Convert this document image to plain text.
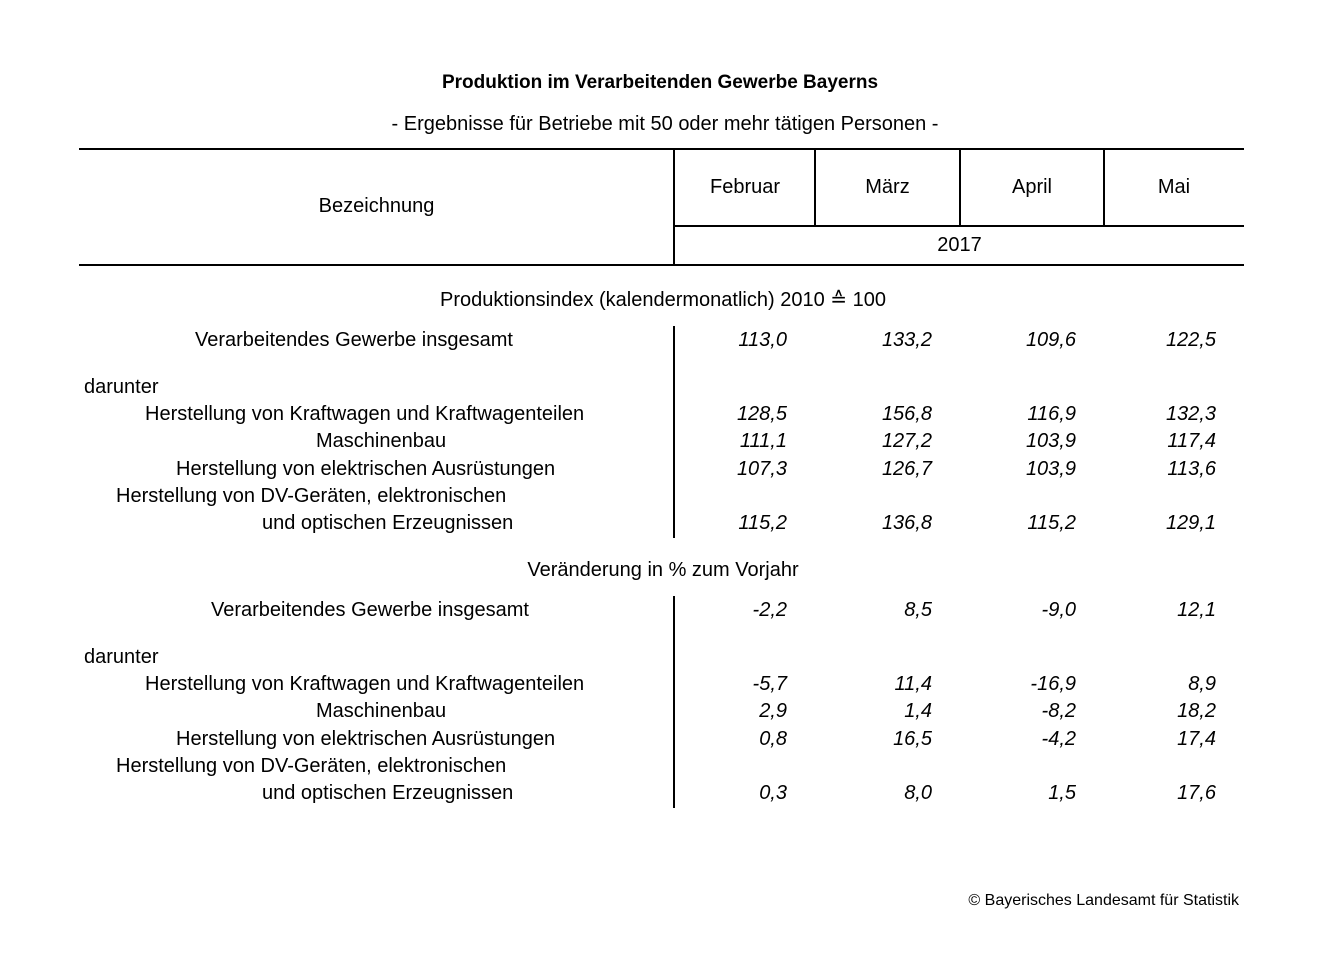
Produktion im Verarbeitenden Gewerbe Bayerns
- Ergebnisse für Betriebe mit 50 oder mehr tätigen Personen -
Bezeichnung
Februar	März	April	Mai
2017
Produktionsindex (kalendermonatlich) 2010 ≙ 100
Verarbeitendes Gewerbe insgesamt	113,0	133,2	109,6	122,5
darunter
Herstellung von Kraftwagen und Kraftwagenteilen	128,5	156,8	116,9	132,3
Maschinenbau	111,1	127,2	103,9	117,4
Herstellung von elektrischen Ausrüstungen	107,3	126,7	103,9	113,6
Herstellung von DV-Geräten, elektronischen
und optischen Erzeugnissen	115,2	136,8	115,2	129,1
Veränderung in % zum Vorjahr
Verarbeitendes Gewerbe insgesamt	-2,2	8,5	-9,0	12,1
darunter
Herstellung von Kraftwagen und Kraftwagenteilen	-5,7	11,4	-16,9	8,9
Maschinenbau	2,9	1,4	-8,2	18,2
Herstellung von elektrischen Ausrüstungen	0,8	16,5	-4,2	17,4
Herstellung von DV-Geräten, elektronischen
und optischen Erzeugnissen	0,3	8,0	1,5	17,6
© Bayerisches Landesamt für Statistik
